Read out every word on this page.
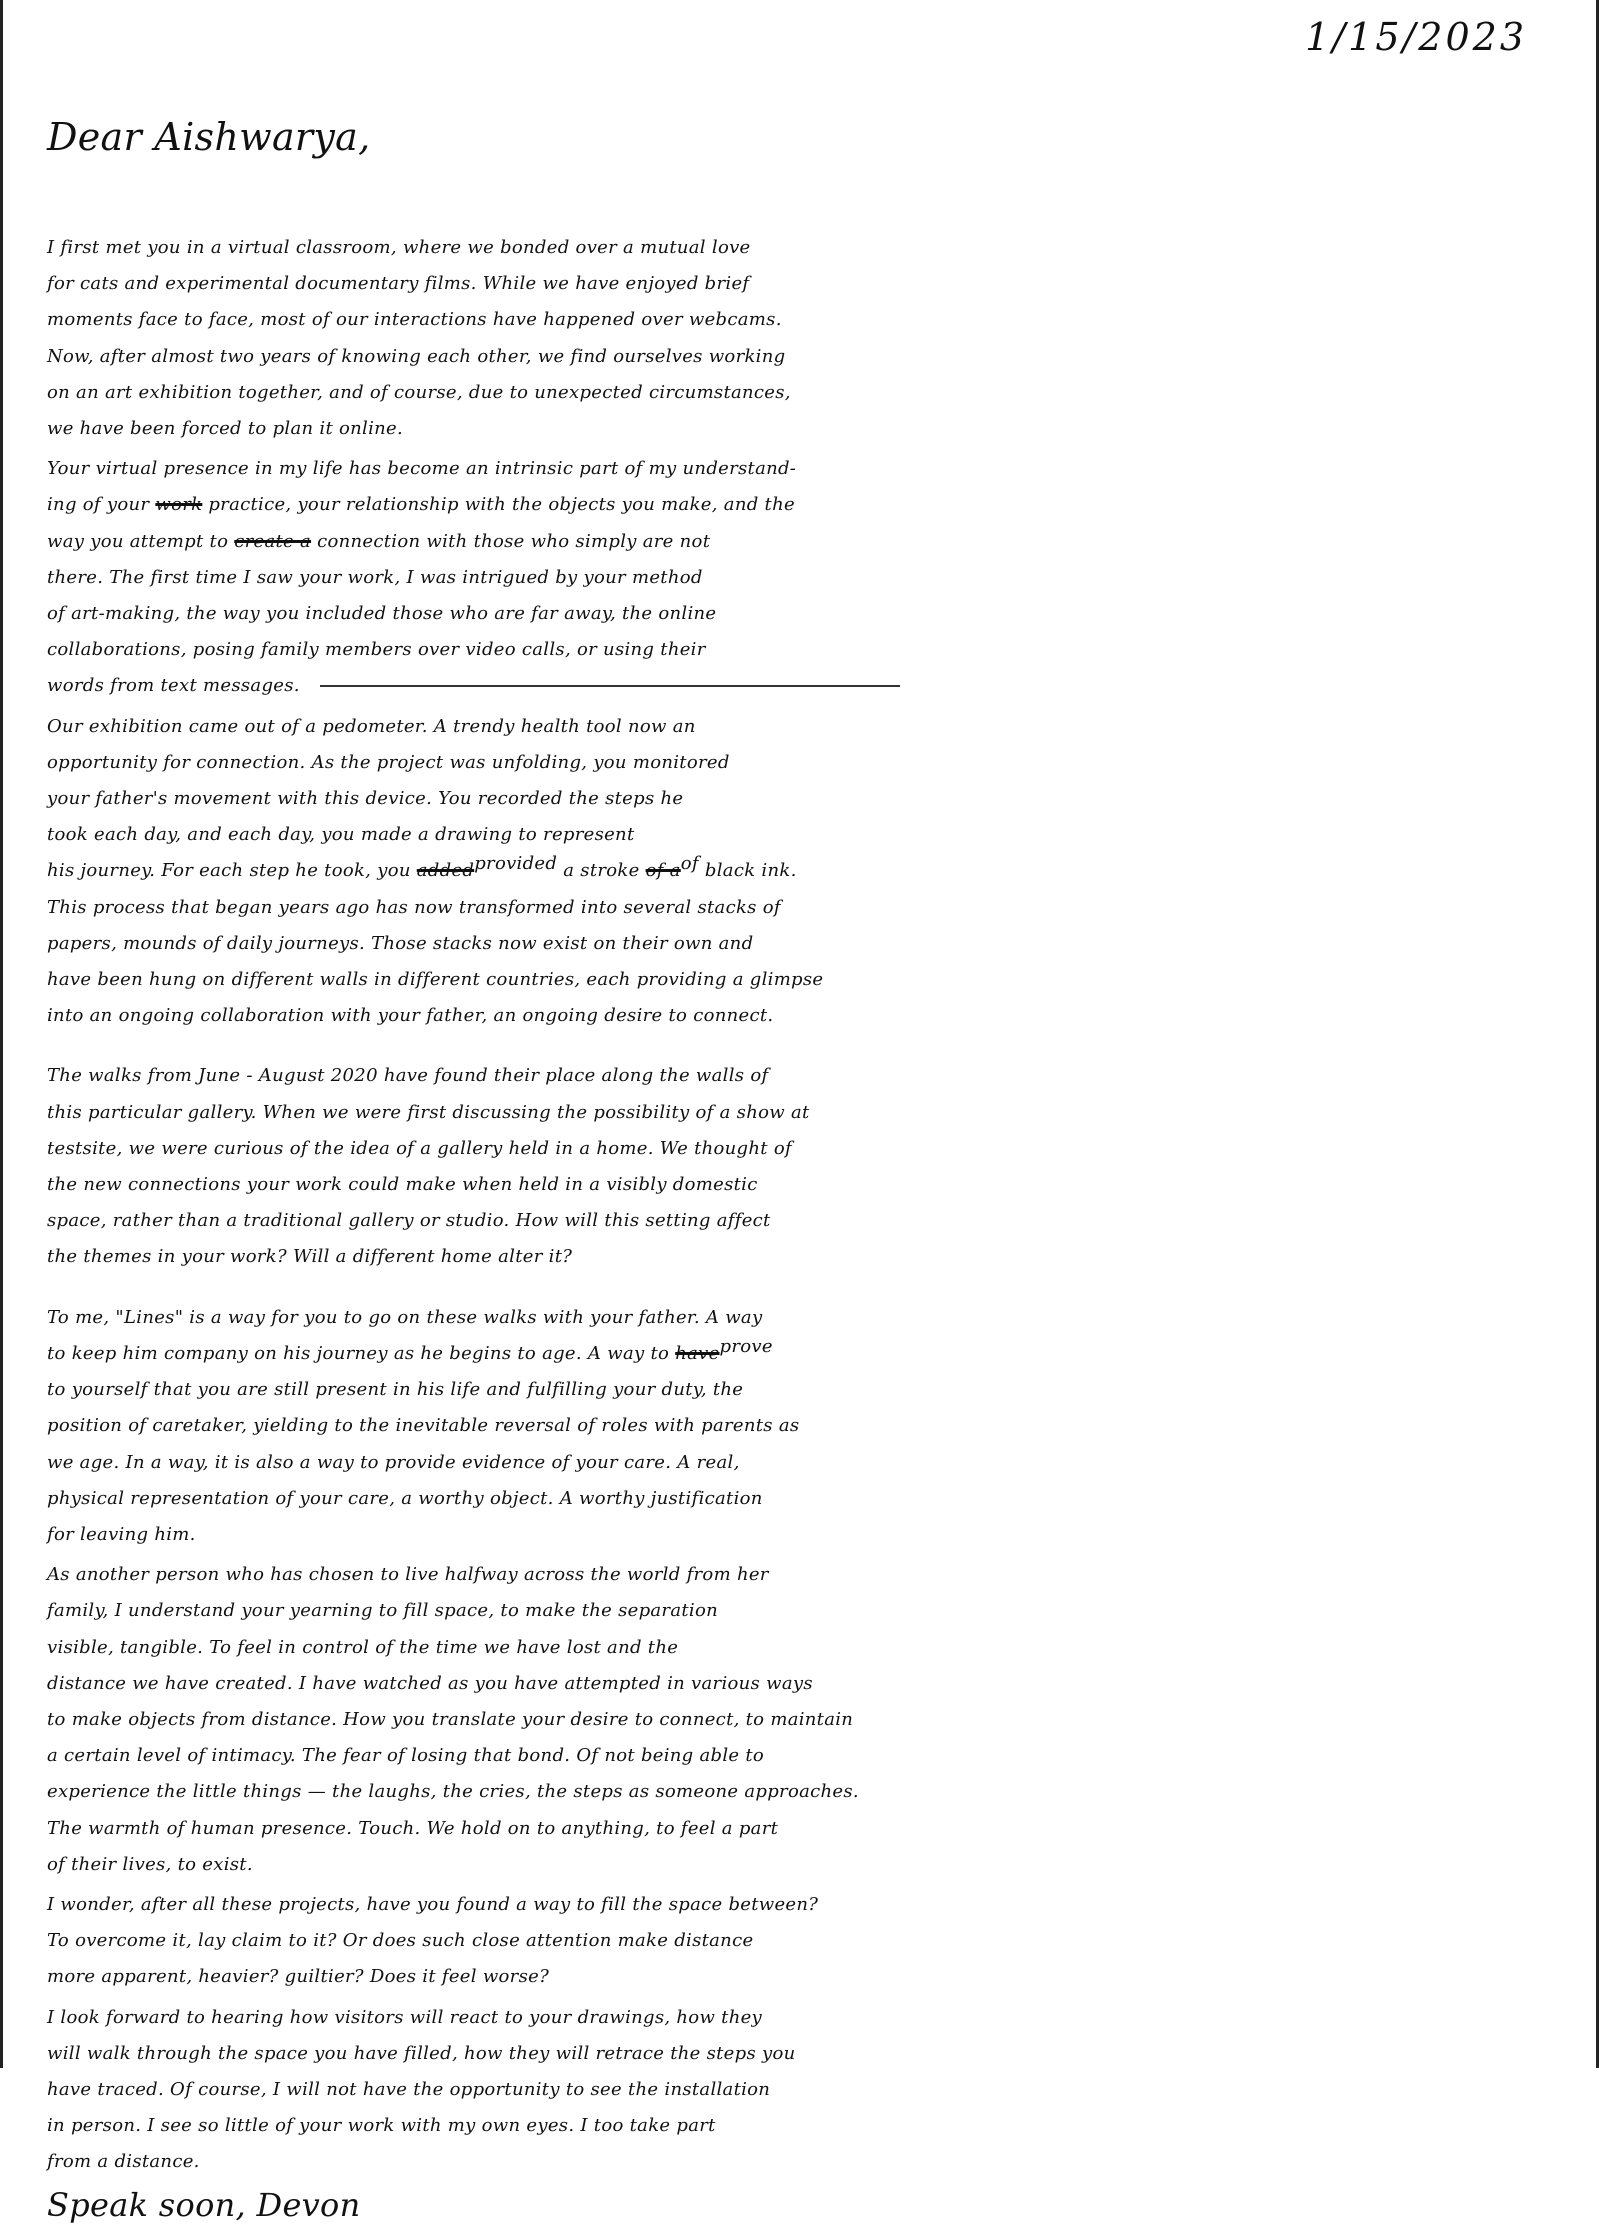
1/15/2023
Dear Aishwarya,
I first met you in a virtual classroom, where we bonded over a mutual love
for cats and experimental documentary films. While we have enjoyed brief
moments face to face, most of our interactions have happened over webcams.
Now, after almost two years of knowing each other, we find ourselves working
on an art exhibition together, and of course, due to unexpected circumstances,
we have been forced to plan it online.
Your virtual presence in my life has become an intrinsic part of my understand-
ing of your work practice, your relationship with the objects you make, and the
way you attempt to create a connection with those who simply are not
there. The first time I saw your work, I was intrigued by your method
of art-making, the way you included those who are far away, the online
collaborations, posing family members over video calls, or using their
words from text messages.
Our exhibition came out of a pedometer. A trendy health tool now an
opportunity for connection. As the project was unfolding, you monitored
your father's movement with this device. You recorded the steps he
took each day, and each day, you made a drawing to represent
his journey. For each step he took, you addedprovided a stroke of aof black ink.
This process that began years ago has now transformed into several stacks of
papers, mounds of daily journeys. Those stacks now exist on their own and
have been hung on different walls in different countries, each providing a glimpse
into an ongoing collaboration with your father, an ongoing desire to connect.
The walks from June - August 2020 have found their place along the walls of
this particular gallery. When we were first discussing the possibility of a show at
testsite, we were curious of the idea of a gallery held in a home. We thought of
the new connections your work could make when held in a visibly domestic
space, rather than a traditional gallery or studio. How will this setting affect
the themes in your work? Will a different home alter it?
To me, "Lines" is a way for you to go on these walks with your father. A way
to keep him company on his journey as he begins to age. A way to haveprove
to yourself that you are still present in his life and fulfilling your duty, the
position of caretaker, yielding to the inevitable reversal of roles with parents as
we age. In a way, it is also a way to provide evidence of your care. A real,
physical representation of your care, a worthy object. A worthy justification
for leaving him.
As another person who has chosen to live halfway across the world from her
family, I understand your yearning to fill space, to make the separation
visible, tangible. To feel in control of the time we have lost and the
distance we have created. I have watched as you have attempted in various ways
to make objects from distance. How you translate your desire to connect, to maintain
a certain level of intimacy. The fear of losing that bond. Of not being able to
experience the little things — the laughs, the cries, the steps as someone approaches.
The warmth of human presence. Touch. We hold on to anything, to feel a part
of their lives, to exist.
I wonder, after all these projects, have you found a way to fill the space between?
To overcome it, lay claim to it? Or does such close attention make distance
more apparent, heavier? guiltier? Does it feel worse?
I look forward to hearing how visitors will react to your drawings, how they
will walk through the space you have filled, how they will retrace the steps you
have traced. Of course, I will not have the opportunity to see the installation
in person. I see so little of your work with my own eyes. I too take part
from a distance.
Speak soon, Devon
